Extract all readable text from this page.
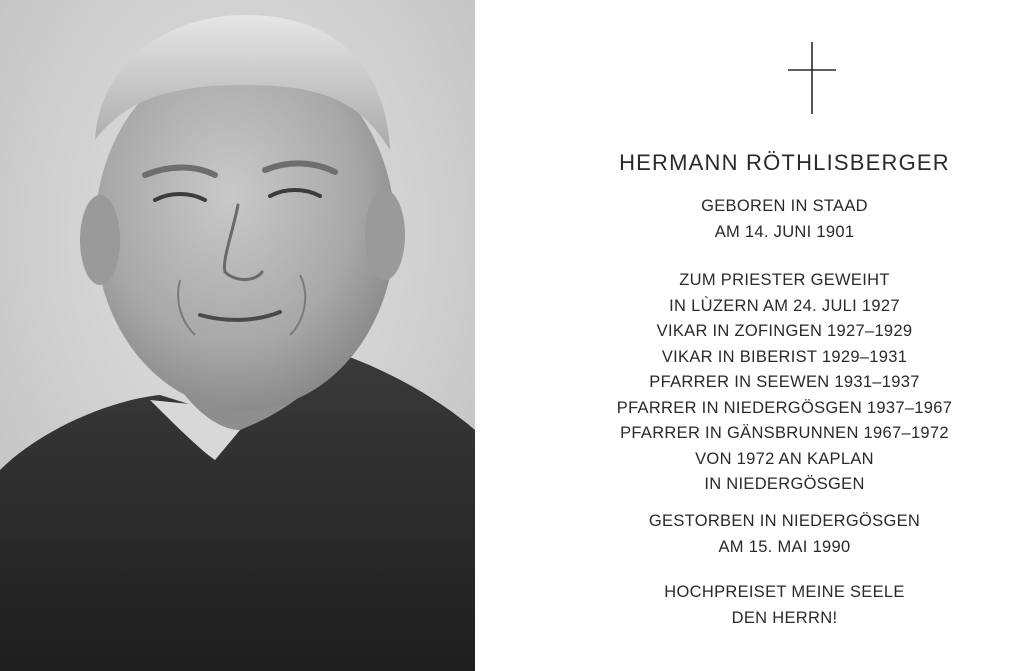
HERMANN RÖTHLISBERGER
GEBOREN IN STAAD
AM 14. JUNI 1901
ZUM PRIESTER GEWEIHT
IN LÙZERN AM 24. JULI 1927
VIKAR IN ZOFINGEN 1927–1929
VIKAR IN BIBERIST 1929–1931
PFARRER IN SEEWEN 1931–1937
PFARRER IN NIEDERGÖSGEN 1937–1967
PFARRER IN GÄNSBRUNNEN 1967–1972
VON 1972 AN KAPLAN
IN NIEDERGÖSGEN
GESTORBEN IN NIEDERGÖSGEN
AM 15. MAI 1990
HOCHPREISET MEINE SEELE
DEN HERRN!
